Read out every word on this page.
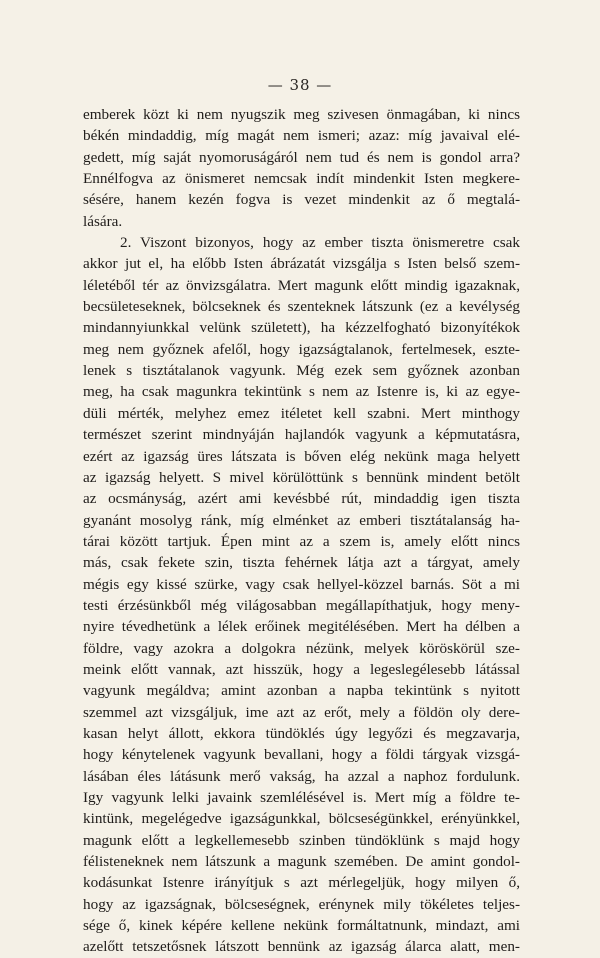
— 38 —
emberek közt ki nem nyugszik meg szivesen önmagában, ki nincs
békén mindaddig, míg magát nem ismeri; azaz: míg javaival elé-
gedett, míg saját nyomoruságáról nem tud és nem is gondol arra?
Ennélfogva az önismeret nemcsak indít mindenkit Isten megkere-
sésére, hanem kezén fogva is vezet mindenkit az ő megtalá-
lására.
2. Viszont bizonyos, hogy az ember tiszta önismeretre csak
akkor jut el, ha előbb Isten ábrázatát vizsgálja s Isten belső szem-
léletéből tér az önvizsgálatra. Mert magunk előtt mindig igazaknak,
becsületeseknek, bölcseknek és szenteknek látszunk (ez a kevélység
mindannyiunkkal velünk született), ha kézzelfogható bizonyítékok
meg nem győznek afelől, hogy igazságtalanok, fertelmesek, eszte-
lenek s tisztátalanok vagyunk. Még ezek sem győznek azonban
meg, ha csak magunkra tekintünk s nem az Istenre is, ki az egye-
düli mérték, melyhez emez itéletet kell szabni. Mert minthogy
természet szerint mindnyáján hajlandók vagyunk a képmutatásra,
ezért az igazság üres látszata is bőven elég nekünk maga helyett
az igazság helyett. S mivel körülöttünk s bennünk mindent betölt
az ocsmányság, azért ami kevésbbé rút, mindaddig igen tiszta
gyanánt mosolyg ránk, míg elménket az emberi tisztátalanság ha-
tárai között tartjuk. Épen mint az a szem is, amely előtt nincs
más, csak fekete szin, tiszta fehérnek látja azt a tárgyat, amely
mégis egy kissé szürke, vagy csak hellyel-közzel barnás. Söt a mi
testi érzésünkből még világosabban megállapíthatjuk, hogy meny-
nyire tévedhetünk a lélek erőinek megitélésében. Mert ha délben a
földre, vagy azokra a dolgokra nézünk, melyek köröskörül sze-
meink előtt vannak, azt hisszük, hogy a legeslegélesebb látással
vagyunk megáldva; amint azonban a napba tekintünk s nyitott
szemmel azt vizsgáljuk, ime azt az erőt, mely a földön oly dere-
kasan helyt állott, ekkora tündöklés úgy legyőzi és megzavarja,
hogy kénytelenek vagyunk bevallani, hogy a földi tárgyak vizsgá-
lásában éles látásunk merő vakság, ha azzal a naphoz fordulunk.
Igy vagyunk lelki javaink szemlélésével is. Mert míg a földre te-
kintünk, megelégedve igazságunkkal, bölcseségünkkel, erényünkkel,
magunk előtt a legkellemesebb szinben tündöklünk s majd hogy
félisteneknek nem látszunk a magunk szemében. De amint gondol-
kodásunkat Istenre irányítjuk s azt mérlegeljük, hogy milyen ő,
hogy az igazságnak, bölcseségnek, erénynek mily tökéletes teljes-
sége ő, kinek képére kellene nekünk formáltatnunk, mindazt, ami
azelőtt tetszetősnek látszott bennünk az igazság álarca alatt, men-
